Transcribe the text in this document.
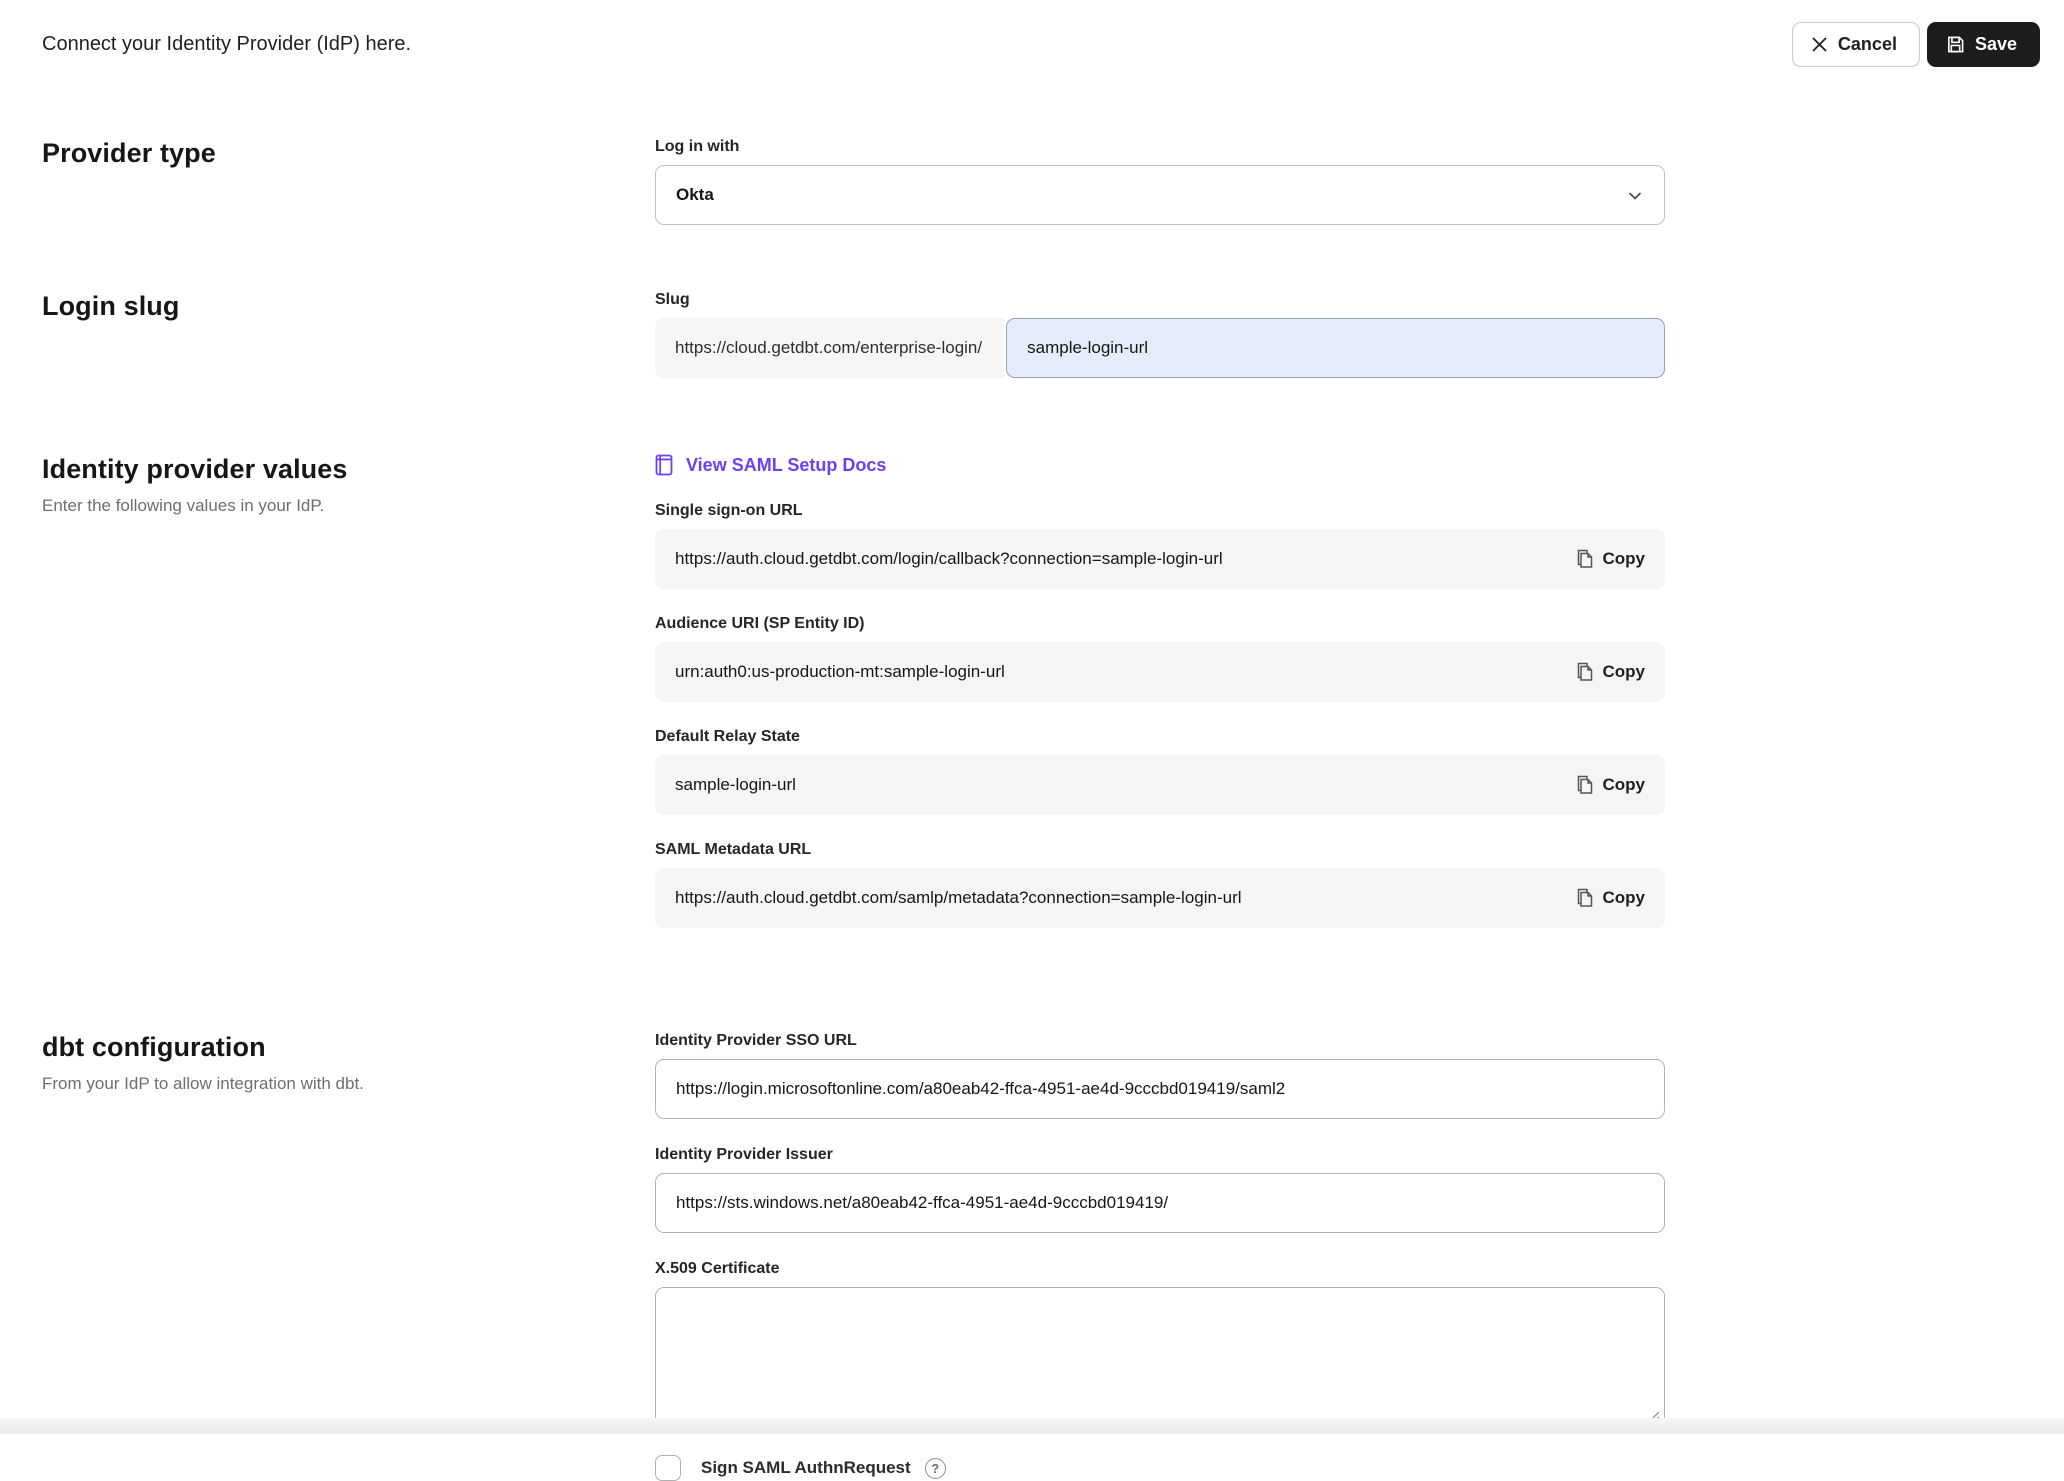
Connect your Identity Provider (IdP) here.	Cancel	Save
Provider type	Log in with
Okta
Login slug	Slug
https://cloud.getdbt.com/enterprise-login/
sample-login-url
Identity provider values

Enter the following values in your IdP.

View SAML Setup Docs
Single sign-on URL
https://auth.cloud.getdbt.com/login/callback?connection=sample-login-url	Copy
Audience URI (SP Entity ID)
urn:auth0:us-production-mt:sample-login-url	Copy
Default Relay State
sample-login-url	Copy
SAML Metadata URL
https://auth.cloud.getdbt.com/samlp/metadata?connection=sample-login-url	Copy
dbt configuration

From your IdP to allow integration with dbt.

Identity Provider SSO URL
https://login.microsoftonline.com/a80eab42-ffca-4951-ae4d-9cccbd019419/saml2
Identity Provider Issuer
https://sts.windows.net/a80eab42-ffca-4951-ae4d-9cccbd019419/
X.509 Certificate
Sign SAML AuthnRequest	?
